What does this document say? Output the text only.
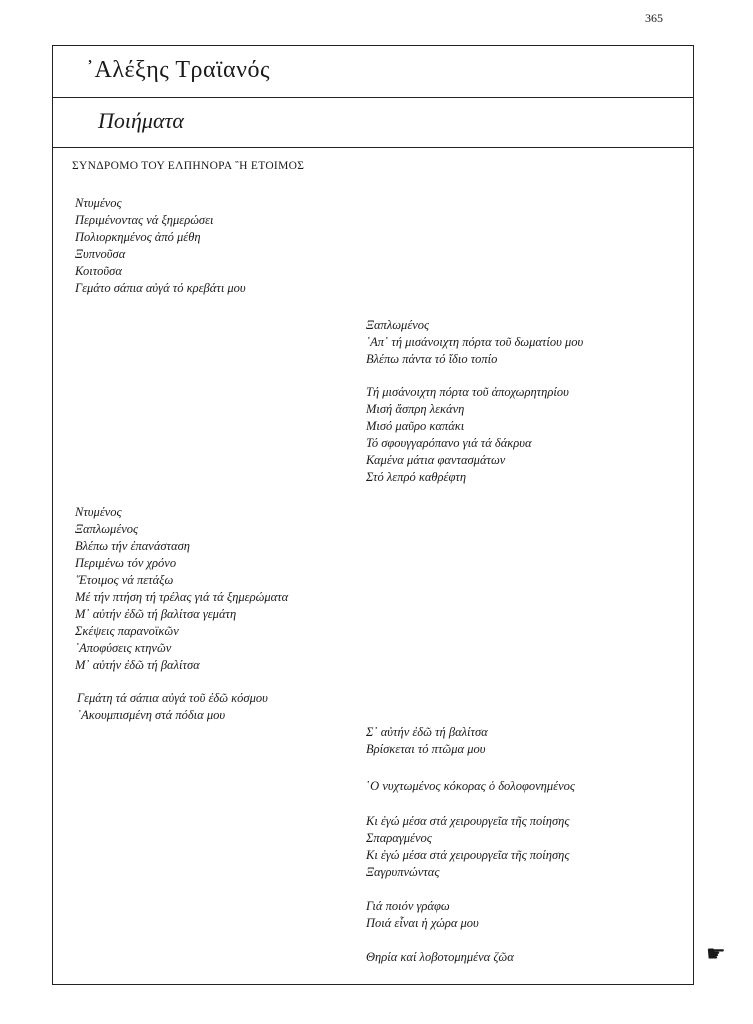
365
᾿Αλέξης Τραϊανός
Ποιήματα
ΣΥΝΔΡΟΜΟ ΤΟΥ ΕΛΠΗΝΟΡΑ ῍Η ΕΤΟΙΜΟΣ
Ντυμένος
Περιμένοντας νά ξημερώσει
Πολιορκημένος ἀπό μέθη
Ξυπνοῦσα
Κοιτοῦσα
Γεμάτο σάπια αὐγά τό κρεβάτι μου
Ξαπλωμένος
᾿Απ᾿ τή μισάνοιχτη πόρτα τοῦ δωματίου μου
Βλέπω πάντα τό ἴδιο τοπίο
Τή μισάνοιχτη πόρτα τοῦ ἀποχωρητηρίου
Μισή ἄσπρη λεκάνη
Μισό μαῦρο καπάκι
Τό σφουγγαρόπανο γιά τά δάκρυα
Καμένα μάτια φαντασμάτων
Στό λεπρό καθρέφτη
Ντυμένος
Ξαπλωμένος
Βλέπω τήν ἐπανάσταση
Περιμένω τόν χρόνο
῞Ετοιμος νά πετάξω
Μέ τήν πτήση τή τρέλας γιά τά ξημερώματα
Μ᾿ αὐτήν ἐδῶ τή βαλίτσα γεμάτη
Σκέψεις παρανοϊκῶν
᾿Αποφύσεις κτηνῶν
Μ᾿ αὐτήν ἐδῶ τή βαλίτσα
Γεμάτη τά σάπια αὐγά τοῦ ἐδῶ κόσμου
᾿Ακουμπισμένη στά πόδια μου
Σ᾿ αὐτήν ἐδῶ τή βαλίτσα
Βρίσκεται τό πτῶμα μου
῾Ο νυχτωμένος κόκορας ὁ δολοφονημένος
Κι ἐγώ μέσα στά χειρουργεῖα τῆς ποίησης
Σπαραγμένος
Κι ἐγώ μέσα στά χειρουργεῖα τῆς ποίησης
Ξαγρυπνώντας
Γιά ποιόν γράφω
Ποιά εἶναι ἡ χώρα μου
Θηρία καί λοβοτομημένα ζῶα	☛
